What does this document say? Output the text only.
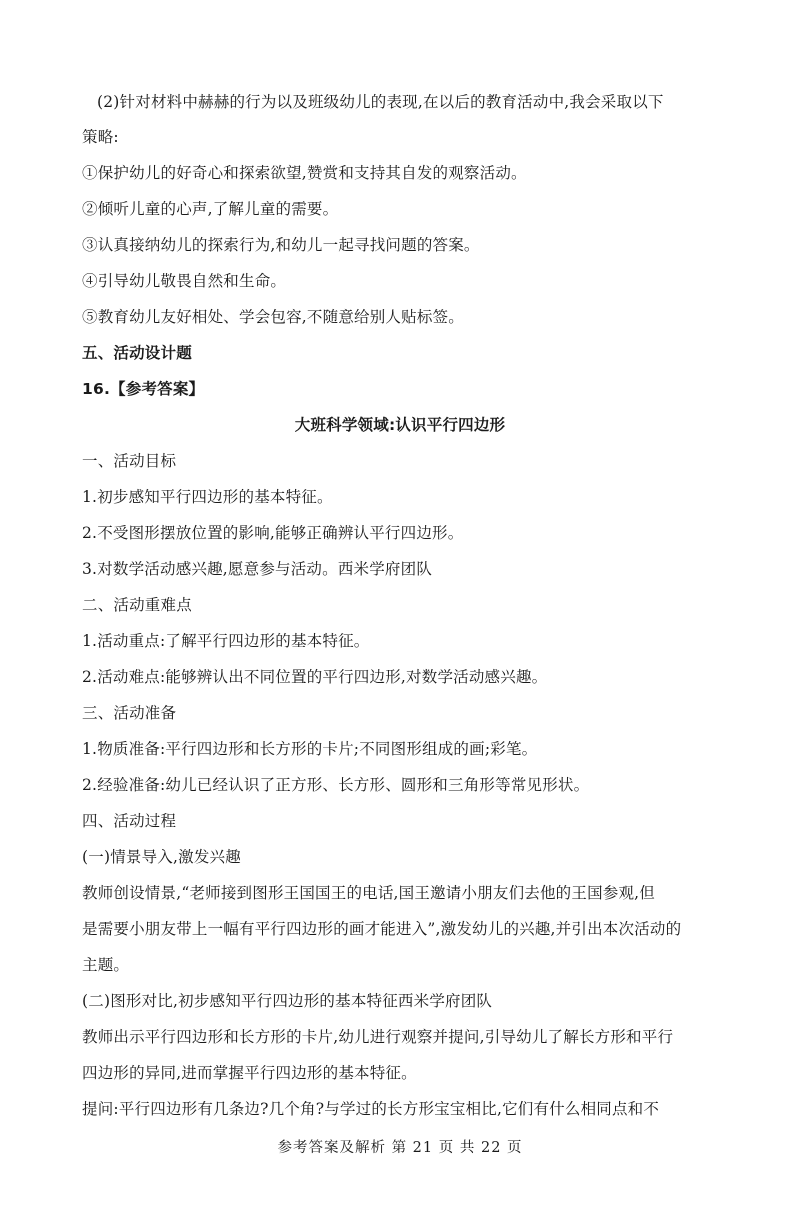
(2)针对材料中赫赫的行为以及班级幼儿的表现,在以后的教育活动中,我会采取以下
策略:
①保护幼儿的好奇心和探索欲望,赞赏和支持其自发的观察活动。
②倾听儿童的心声,了解儿童的需要。
③认真接纳幼儿的探索行为,和幼儿一起寻找问题的答案。
④引导幼儿敬畏自然和生命。
⑤教育幼儿友好相处、学会包容,不随意给别人贴标签。
五、活动设计题
16.【参考答案】
大班科学领域:认识平行四边形
一、活动目标
1.初步感知平行四边形的基本特征。
2.不受图形摆放位置的影响,能够正确辨认平行四边形。
3.对数学活动感兴趣,愿意参与活动。西米学府团队
二、活动重难点
1.活动重点:了解平行四边形的基本特征。
2.活动难点:能够辨认出不同位置的平行四边形,对数学活动感兴趣。
三、活动准备
1.物质准备:平行四边形和长方形的卡片;不同图形组成的画;彩笔。
2.经验准备:幼儿已经认识了正方形、长方形、圆形和三角形等常见形状。
四、活动过程
(一)情景导入,激发兴趣
教师创设情景,“老师接到图形王国国王的电话,国王邀请小朋友们去他的王国参观,但
是需要小朋友带上一幅有平行四边形的画才能进入”,激发幼儿的兴趣,并引出本次活动的
主题。
(二)图形对比,初步感知平行四边形的基本特征西米学府团队
教师出示平行四边形和长方形的卡片,幼儿进行观察并提问,引导幼儿了解长方形和平行
四边形的异同,进而掌握平行四边形的基本特征。
提问:平行四边形有几条边?几个角?与学过的长方形宝宝相比,它们有什么相同点和不
参考答案及解析 第 21 页 共 22 页
